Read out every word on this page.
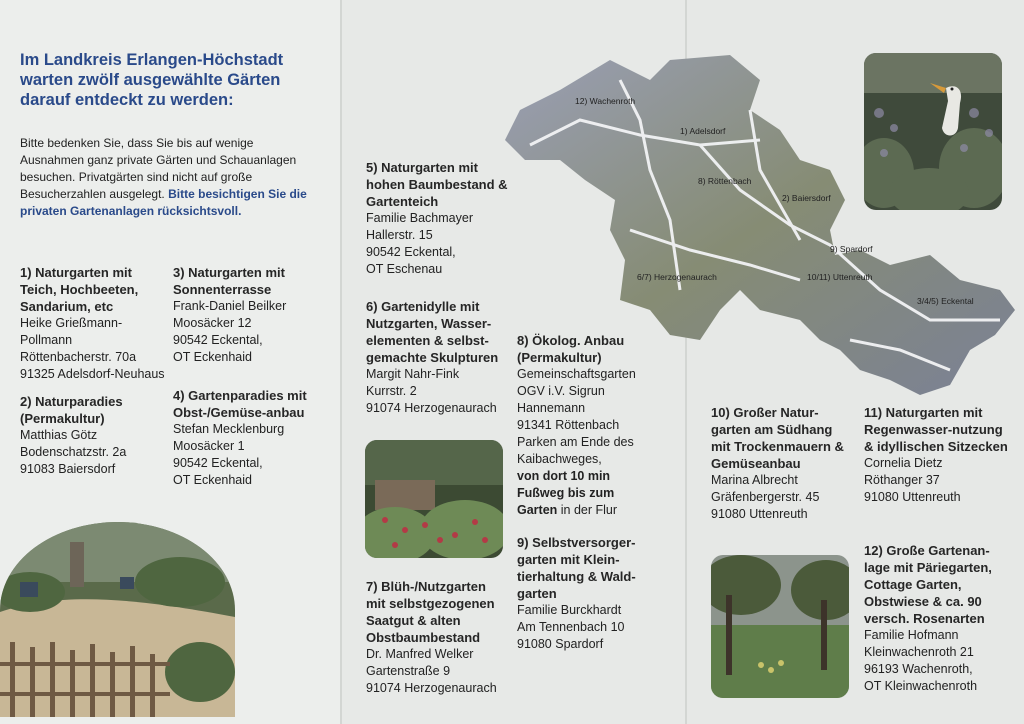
Im Landkreis Erlangen-Höchstadt warten zwölf ausgewählte Gärten darauf entdeckt zu werden:
Bitte bedenken Sie, dass Sie bis auf wenige Ausnahmen ganz private Gärten und Schauanlagen besuchen. Privatgärten sind nicht auf große Besucherzahlen ausgelegt. Bitte besichtigen Sie die privaten Gartenanlagen rücksichtsvoll.
1) Naturgarten mit Teich, Hochbeeten, Sandarium, etc
Heike Grießmann-Pollmann
Röttenbacherstr. 70a
91325 Adelsdorf-Neuhaus
2) Naturparadies (Permakultur)
Matthias Götz
Bodenschatzstr. 2a
91083 Baiersdorf
3) Naturgarten mit Sonnenterrasse
Frank-Daniel Beilker
Moosäcker 12
90542 Eckental,
OT Eckenhaid
4) Gartenparadies mit Obst-/Gemüse-anbau
Stefan Mecklenburg
Moosäcker 1
90542 Eckental,
OT Eckenhaid
5) Naturgarten mit hohen Baumbestand & Gartenteich
Familie Bachmayer
Hallerstr. 15
90542 Eckental,
OT Eschenau
6) Gartenidylle mit Nutzgarten, Wasser-elementen & selbst-gemachte Skulpturen
Margit Nahr-Fink
Kurrstr. 2
91074 Herzogenaurach
7) Blüh-/Nutzgarten mit selbstgezogenen Saatgut & alten Obstbaumbestand
Dr. Manfred Welker
Gartenstraße 9
91074 Herzogenaurach
8) Ökolog. Anbau (Permakultur)
Gemeinschaftsgarten OGV i.V. Sigrun Hannemann
91341 Röttenbach
Parken am Ende des Kaibachweges,
von dort 10 min Fußweg bis zum Garten in der Flur
9) Selbstversorger-garten mit Klein-tierhaltung & Wald-garten
Familie Burckhardt
Am Tennenbach 10
91080 Spardorf
10) Großer Natur-garten am Südhang mit Trockenmauern & Gemüseanbau
Marina Albrecht
Gräfenbergerstr. 45
91080 Uttenreuth
11) Naturgarten mit Regenwasser-nutzung & idyllischen Sitzecken
Cornelia Dietz
Röthanger 37
91080 Uttenreuth
12) Große Gartenan-lage mit Päriegarten, Cottage Garten, Obstwiese & ca. 90 versch. Rosenarten
Familie Hofmann
Kleinwachenroth 21
96193 Wachenroth,
OT Kleinwachenroth
12) Wachenroth
1) Adelsdorf
8) Röttenbach
2) Baiersdorf
9) Spardorf
6/7) Herzogenaurach	10/11) Uttenreuth
3/4/5) Eckental
